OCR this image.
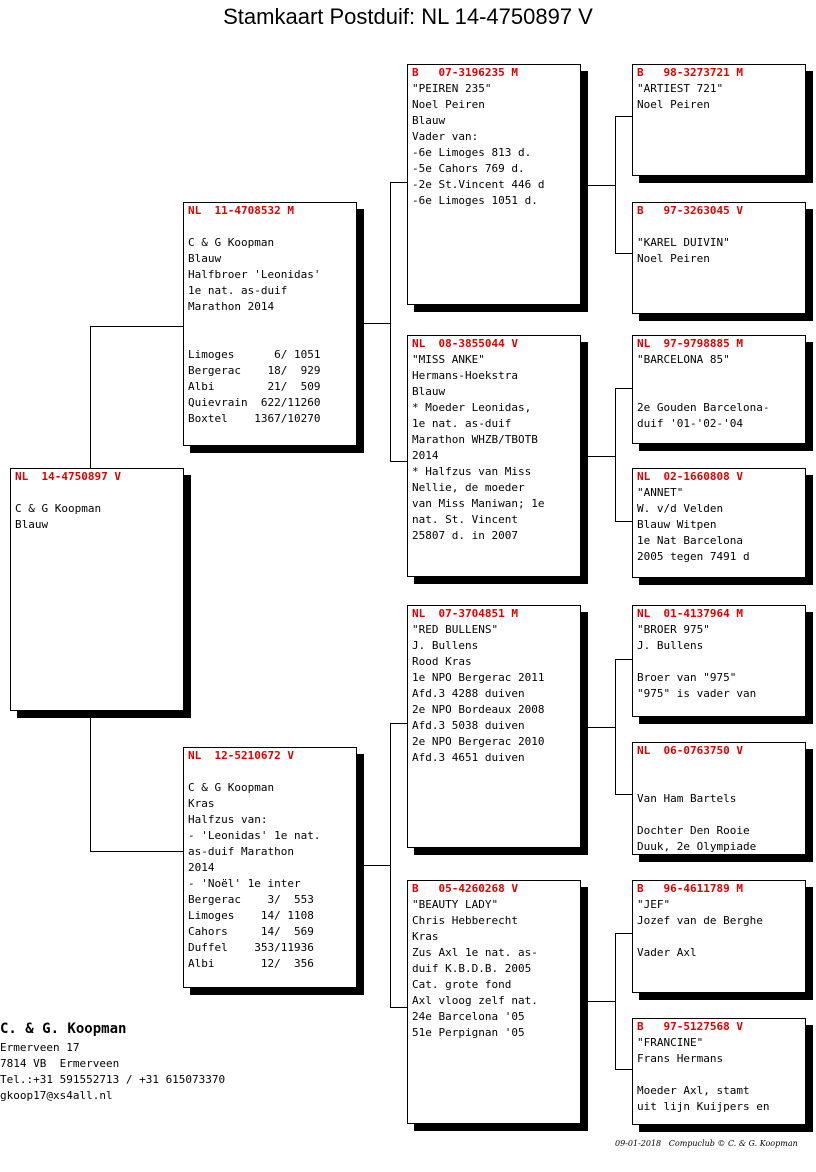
Stamkaart Postduif: NL 14-4750897 V
NL  14-4750897 V

C & G Koopman
Blauw
NL  11-4708532 M

C & G Koopman
Blauw
Halfbroer 'Leonidas'
1e nat. as-duif
Marathon 2014

Limoges      6/ 1051
Bergerac    18/  929
Albi        21/  509
Quievrain  622/11260
Boxtel    1367/10270
NL  12-5210672 V

C & G Koopman
Kras
Halfzus van:
- 'Leonidas' 1e nat.
as-duif Marathon
2014
- 'Noël' 1e inter
Bergerac    3/  553
Limoges    14/ 1108
Cahors     14/  569
Duffel    353/11936
Albi       12/  356
B   07-3196235 M
"PEIREN 235"
Noel Peiren
Blauw
Vader van:
-6e Limoges 813 d.
-5e Cahors 769 d.
-2e St.Vincent 446 d
-6e Limoges 1051 d.
NL  08-3855044 V
"MISS ANKE"
Hermans-Hoekstra
Blauw
* Moeder Leonidas,
1e nat. as-duif
Marathon WHZB/TBOTB
2014
* Halfzus van Miss
Nellie, de moeder
van Miss Maniwan; 1e
nat. St. Vincent
25807 d. in 2007
NL  07-3704851 M
"RED BULLENS"
J. Bullens
Rood Kras
1e NPO Bergerac 2011
Afd.3 4288 duiven
2e NPO Bordeaux 2008
Afd.3 5038 duiven
2e NPO Bergerac 2010
Afd.3 4651 duiven
B   05-4260268 V
"BEAUTY LADY"
Chris Hebberecht
Kras
Zus Axl 1e nat. as-
duif K.B.D.B. 2005
Cat. grote fond
Axl vloog zelf nat.
24e Barcelona '05
51e Perpignan '05
B   98-3273721 M
"ARTIEST 721"
Noel Peiren
B   97-3263045 V

"KAREL DUIVIN"
Noel Peiren
NL  97-9798885 M
"BARCELONA 85"

2e Gouden Barcelona-
duif '01-'02-'04
NL  02-1660808 V
"ANNET"
W. v/d Velden
Blauw Witpen
1e Nat Barcelona
2005 tegen 7491 d
NL  01-4137964 M
"BROER 975"
J. Bullens

Broer van "975"
"975" is vader van
NL  06-0763750 V

Van Ham Bartels

Dochter Den Rooie
Duuk, 2e Olympiade
B   96-4611789 M
"JEF"
Jozef van de Berghe

Vader Axl
B   97-5127568 V
"FRANCINE"
Frans Hermans

Moeder Axl, stamt
uit lijn Kuijpers en
C. & G. Koopman
Ermerveen 17
7814 VB  Ermerveen
Tel.:+31 591552713 / +31 615073370
gkoop17@xs4all.nl
09-01-2018   Compuclub © C. & G. Koopman
